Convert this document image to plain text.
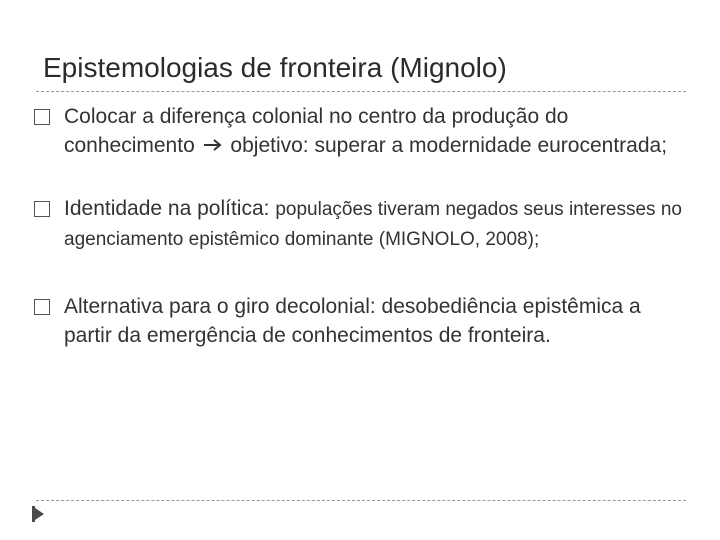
Epistemologias de fronteira (Mignolo)
Colocar a diferença colonial no centro da produção do conhecimento  objetivo: superar a modernidade eurocentrada;
Identidade na política: populações tiveram negados seus interesses no agenciamento epistêmico dominante (MIGNOLO, 2008);
Alternativa para o giro decolonial: desobediência epistêmica a partir da emergência de conhecimentos de fronteira.
